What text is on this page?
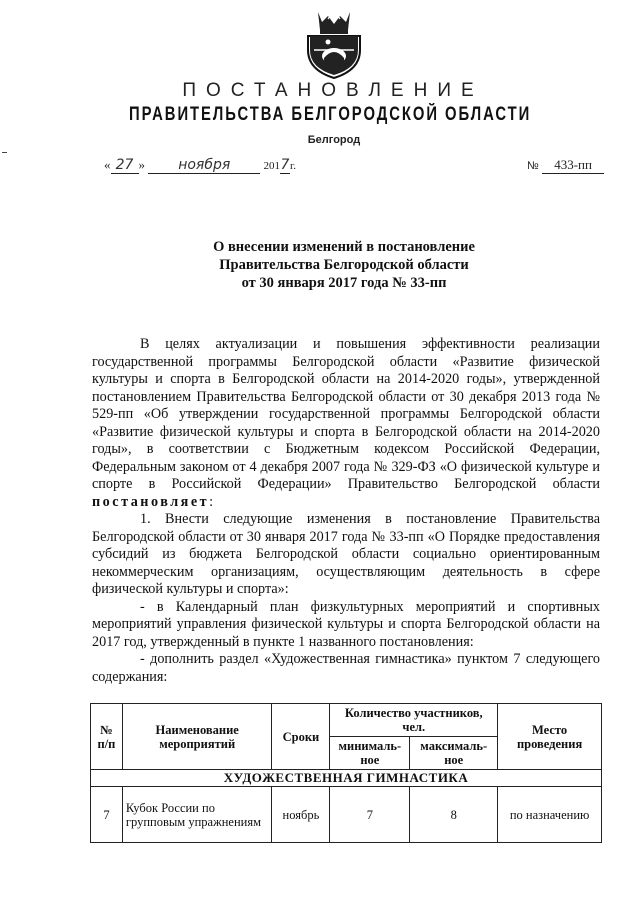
ПОСТАНОВЛЕНИЕ
ПРАВИТЕЛЬСТВА БЕЛГОРОДСКОЙ ОБЛАСТИ
Белгород
« 27 » ноября	2017г.	№ 433-пп
О внесении изменений в постановление
Правительства Белгородской области
от 30 января 2017 года № 33-пп

В целях актуализации и повышения эффективности реализации государственной программы Белгородской области «Развитие физической культуры и спорта в Белгородской области на 2014-2020 годы», утвержденной постановлением Правительства Белгородской области от 30 декабря 2013 года № 529-пп «Об утверждении государственной программы Белгородской области «Развитие физической культуры и спорта в Белгородской области на 2014-2020 годы», в соответствии с Бюджетным кодексом Российской Федерации, Федеральным законом от 4 декабря 2007 года № 329-ФЗ «О физической культуре и спорте в Российской Федерации» Правительство Белгородской области постановляет:

1. Внести следующие изменения в постановление Правительства Белгородской области от 30 января 2017 года № 33-пп «О Порядке предоставления субсидий из бюджета Белгородской области социально ориентированным некоммерческим организациям, осуществляющим деятельность в сфере физической культуры и спорта»:

- в Календарный план физкультурных мероприятий и спортивных мероприятий управления физической культуры и спорта Белгородской области на 2017 год, утвержденный в пункте 1 названного постановления:

- дополнить раздел «Художественная гимнастика» пунктом 7 следующего содержания:

№ п/п	Наименование мероприятий	Сроки	Количество участников, чел.		Место проведения
			минималь-ное	максималь-ное	
ХУДОЖЕСТВЕННАЯ ГИМНАСТИКА					
7	Кубок России по групповым упражнениям	ноябрь	7	8	по назначению
